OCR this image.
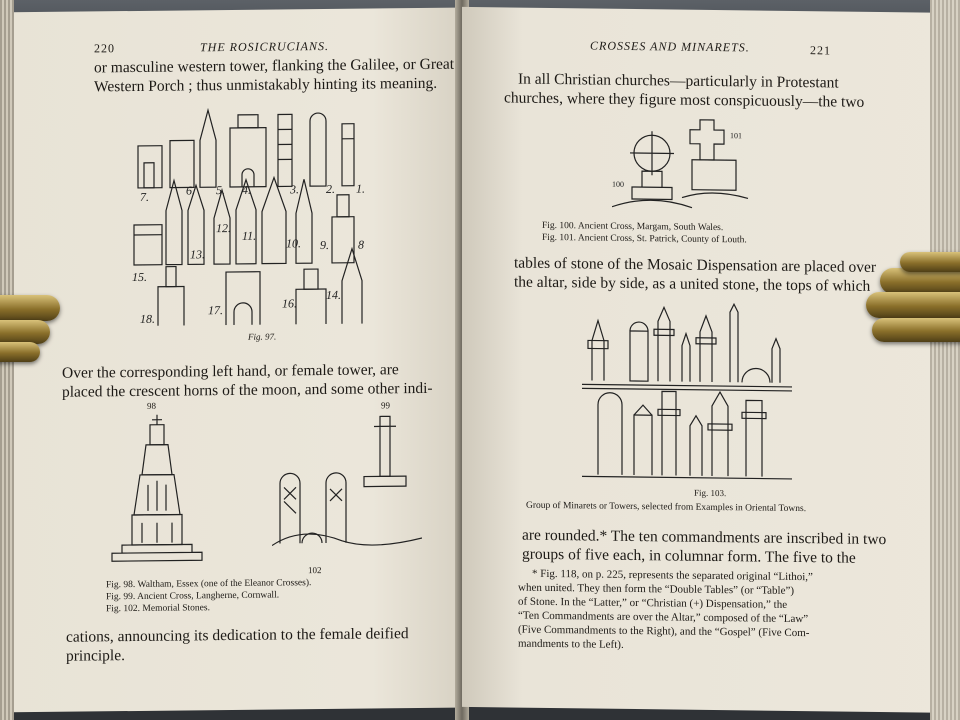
220	THE ROSICRUCIANS.
or masculine western tower, flanking the Galilee, or Great
Western Porch ; thus unmistakably hinting its meaning.
7.	6. 5. 4.	3. 2. 1.
15.
13.
12.
11.
10. 9. 8
18.
17.	16.
14.
Fig. 97.
Over the corresponding left hand, or female tower, are
placed the crescent horns of the moon, and some other indi-
98	99
102
Fig. 98. Waltham, Essex (one of the Eleanor Crosses).
Fig. 99. Ancient Cross, Langherne, Cornwall.
Fig. 102. Memorial Stones.
cations, announcing its dedication to the female deified
principle.
CROSSES AND MINARETS.	221
In all Christian churches—particularly in Protestant
churches, where they figure most conspicuously—the two
100
101
Fig. 100. Ancient Cross, Margam, South Wales.
Fig. 101. Ancient Cross, St. Patrick, County of Louth.
tables of stone of the Mosaic Dispensation are placed over
the altar, side by side, as a united stone, the tops of which
Fig. 103.
Group of Minarets or Towers, selected from Examples in Oriental Towns.
are rounded.* The ten commandments are inscribed in two
groups of five each, in columnar form. The five to the
* Fig. 118, on p. 225, represents the separated original “Lithoi,”
when united. They then form the “Double Tables” (or “Table”)
of Stone. In the “Latter,” or “Christian (+) Dispensation,” the
“Ten Commandments are over the Altar,” composed of the “Law”
(Five Commandments to the Right), and the “Gospel” (Five Com-
mandments to the Left).
